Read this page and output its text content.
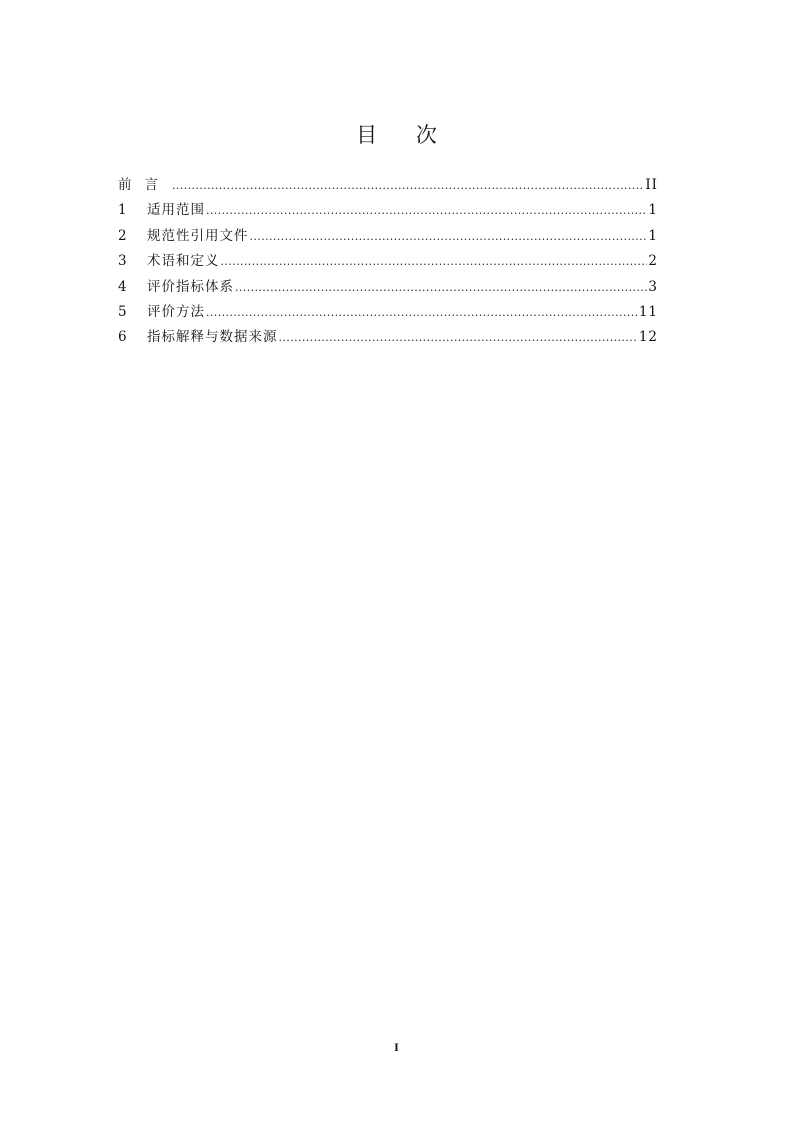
目 次
前言 .....	II
1	适用范围 .....	1
2	规范性引用文件 .....	1
3	术语和定义 .....	2
4	评价指标体系 .....	3
5	评价方法 .....	11
6	指标解释与数据来源 .....	12
I
